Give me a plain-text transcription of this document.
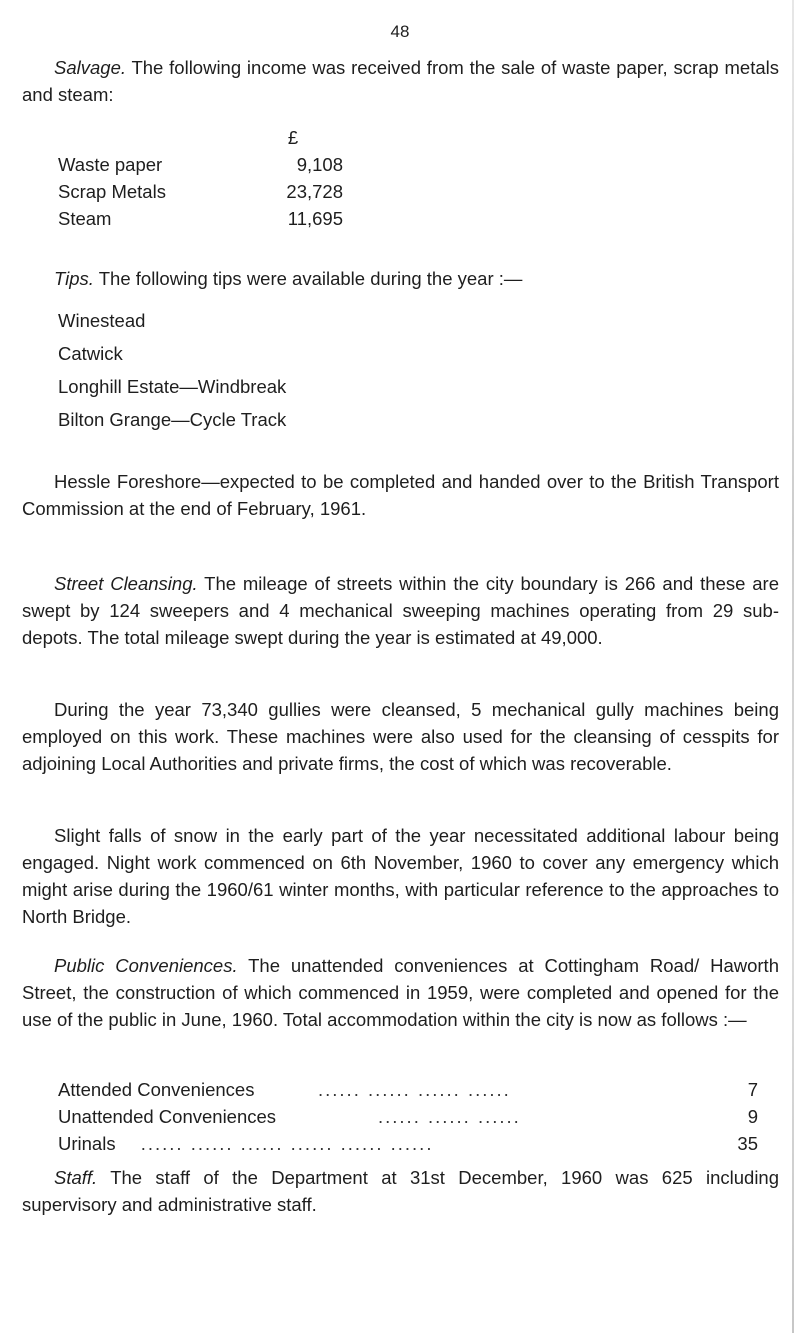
48

Salvage. The following income was received from the sale of waste paper, scrap metals and steam:

	£
Waste paper	9,108
Scrap Metals	23,728
Steam	11,695

Tips. The following tips were available during the year :—

Winestead

Catwick

Longhill Estate—Windbreak

Bilton Grange—Cycle Track

Hessle Foreshore—expected to be completed and handed over to the British Transport Commission at the end of February, 1961.

Street Cleansing. The mileage of streets within the city boundary is 266 and these are swept by 124 sweepers and 4 mechanical sweeping machines operating from 29 sub-depots. The total mileage swept during the year is estimated at 49,000.

During the year 73,340 gullies were cleansed, 5 mechanical gully machines being employed on this work. These machines were also used for the cleansing of cesspits for adjoining Local Authorities and private firms, the cost of which was recoverable.

Slight falls of snow in the early part of the year necessitated additional labour being engaged. Night work commenced on 6th November, 1960 to cover any emergency which might arise during the 1960/61 winter months, with particular reference to the approaches to North Bridge.

Public Conveniences. The unattended conveniences at Cottingham Road/ Haworth Street, the construction of which commenced in 1959, were completed and opened for the use of the public in June, 1960. Total accommodation within the city is now as follows :—

Attended Conveniences	...... ...... ...... ......	7
Unattended Conveniences	...... ...... ......	9
Urinals ...... ...... ...... ...... ...... ......		35

Staff. The staff of the Department at 31st December, 1960 was 625 including supervisory and administrative staff.
